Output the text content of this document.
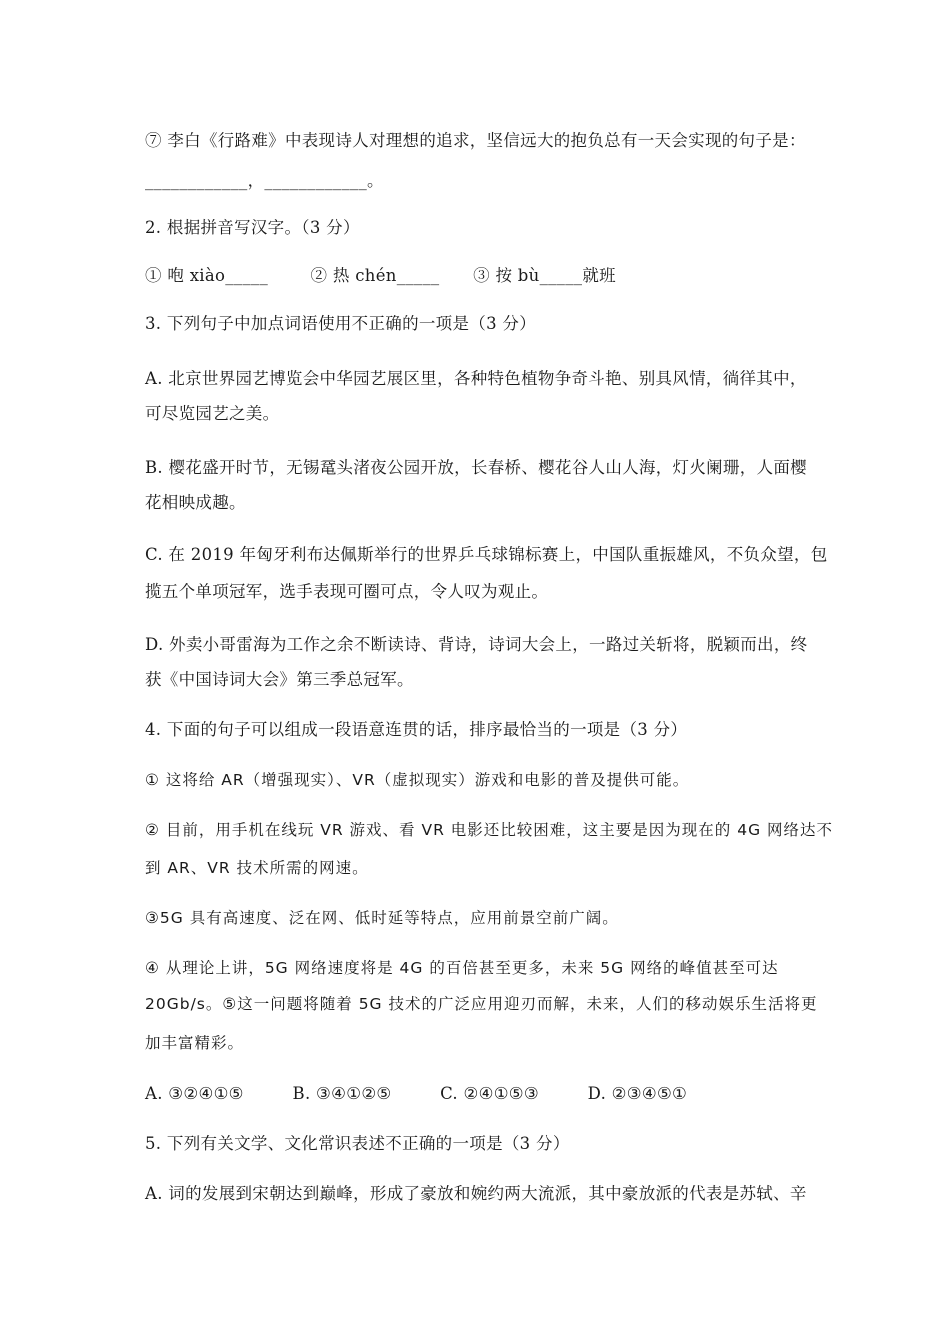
⑦ 李白《行路难》中表现诗人对理想的追求，坚信远大的抱负总有一天会实现的句子是：
____________，____________。
2. 根据拼音写汉字。（3 分）
① 咆 xiào_____	② 热 chén_____ ③ 按 bù_____就班
3. 下列句子中加点词语使用不正确的一项是（3 分）
A. 北京世界园艺博览会中华园艺展区里，各种特色植物争奇斗艳、别具风情，徜徉其中，
可尽览园艺之美。
B. 樱花盛开时节，无锡鼋头渚夜公园开放，长春桥、樱花谷人山人海，灯火阑珊，人面樱
花相映成趣。
C. 在 2019 年匈牙利布达佩斯举行的世界乒乓球锦标赛上，中国队重振雄风，不负众望，包
揽五个单项冠军，选手表现可圈可点，令人叹为观止。
D. 外卖小哥雷海为工作之余不断读诗、背诗，诗词大会上，一路过关斩将，脱颖而出，终
获《中国诗词大会》第三季总冠军。
4. 下面的句子可以组成一段语意连贯的话，排序最恰当的一项是（3 分）
① 这将给 AR（增强现实）、VR（虚拟现实）游戏和电影的普及提供可能。
② 目前，用手机在线玩 VR 游戏、看 VR 电影还比较困难，这主要是因为现在的 4G 网络达不
到 AR、VR 技术所需的网速。
③5G 具有高速度、泛在网、低时延等特点，应用前景空前广阔。
④ 从理论上讲，5G 网络速度将是 4G 的百倍甚至更多，未来 5G 网络的峰值甚至可达
20Gb/s。⑤这一问题将随着 5G 技术的广泛应用迎刃而解，未来，人们的移动娱乐生活将更
加丰富精彩。
A. ③②④①⑤	B. ③④①②⑤	C. ②④①⑤③	D. ②③④⑤①
5. 下列有关文学、文化常识表述不正确的一项是（3 分）
A. 词的发展到宋朝达到巅峰，形成了豪放和婉约两大流派，其中豪放派的代表是苏轼、辛
